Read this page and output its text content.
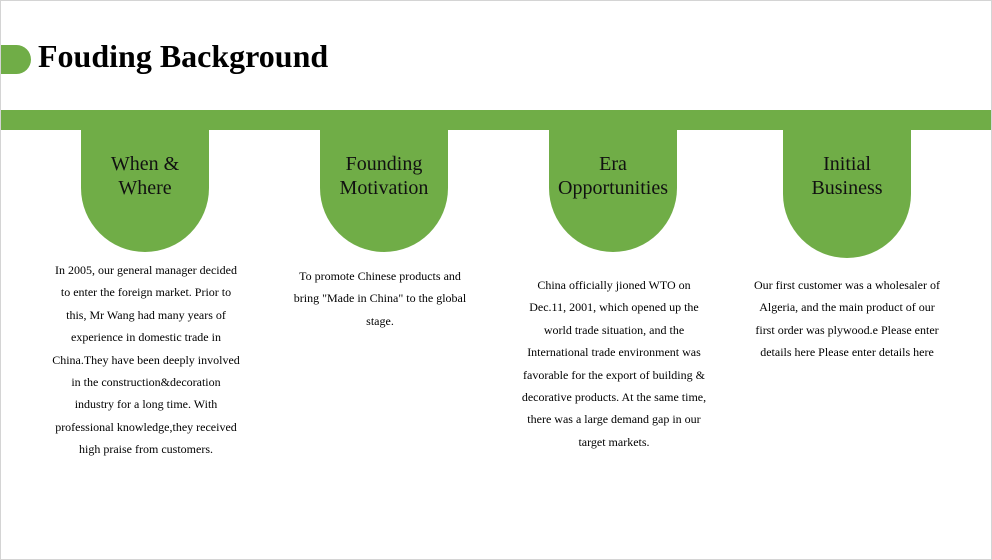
Fouding Background
When &
Where
In 2005, our general manager decided to enter the foreign market. Prior to this, Mr Wang had many years of experience in domestic trade in China.They have been deeply involved in the construction&decoration industry for a long time. With professional knowledge,they received high praise from customers.
Founding
Motivation
To promote Chinese products and bring "Made in China" to the global stage.
Era
Opportunities
China officially jioned WTO on Dec.11, 2001, which opened up the world trade situation, and the International trade environment was favorable for the export of building & decorative products. At the same time, there was a large demand gap in our target markets.
Initial
Business
Our first customer was a wholesaler of Algeria, and the main product of our first order was plywood.e Please enter details here Please enter details here
